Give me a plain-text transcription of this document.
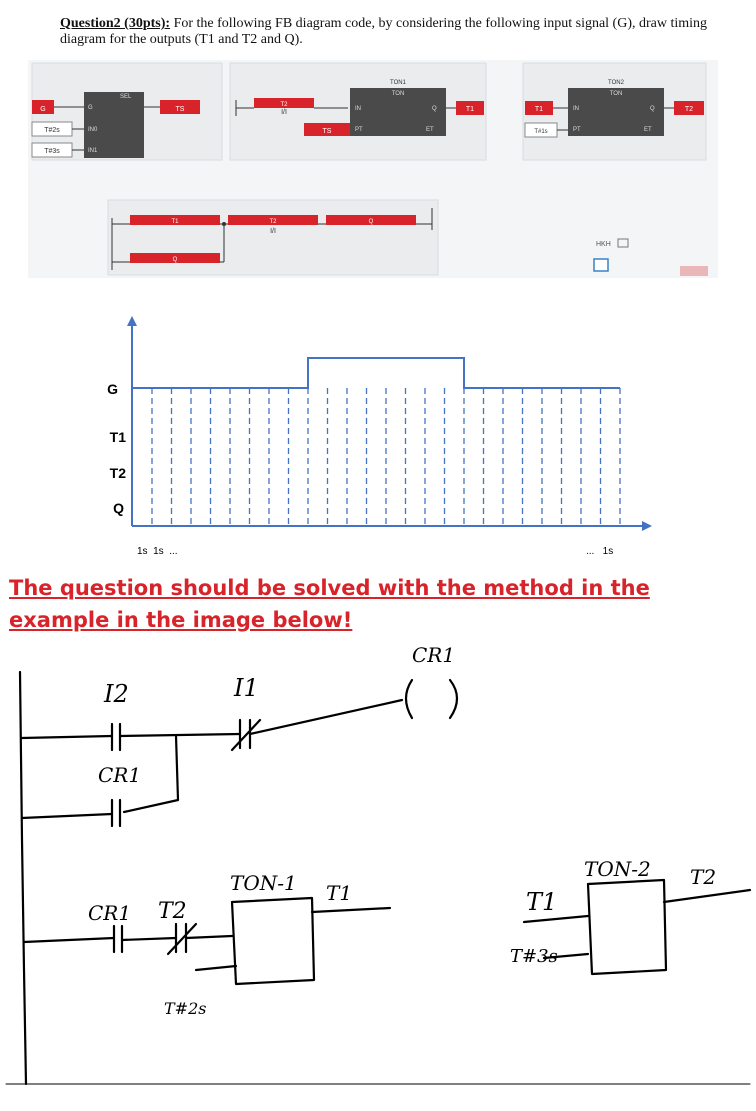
Question2 (30pts): For the following FB diagram code, by considering the following input signal (G), draw timing diagram for the outputs (T1 and T2 and Q).
G
T#2s
T#3s
SEL
G
IN0
IN1
TS
T2
I/I
TS
TON1
TON
IN
PT
Q
ET
T1	T1
T#1s
TON2
TON
IN
PT
Q
ET
T2
T1	T2
I/I
Q
Q
HKH
G
T1
T2
Q
1s  1s  ...	...   1s
The question should be solved with the method in the example in the image below!
CR1
I2	I1
CR1
CR1 T2
T#2s
TON-1 T1	T1
T#3s
TON-2 T2
